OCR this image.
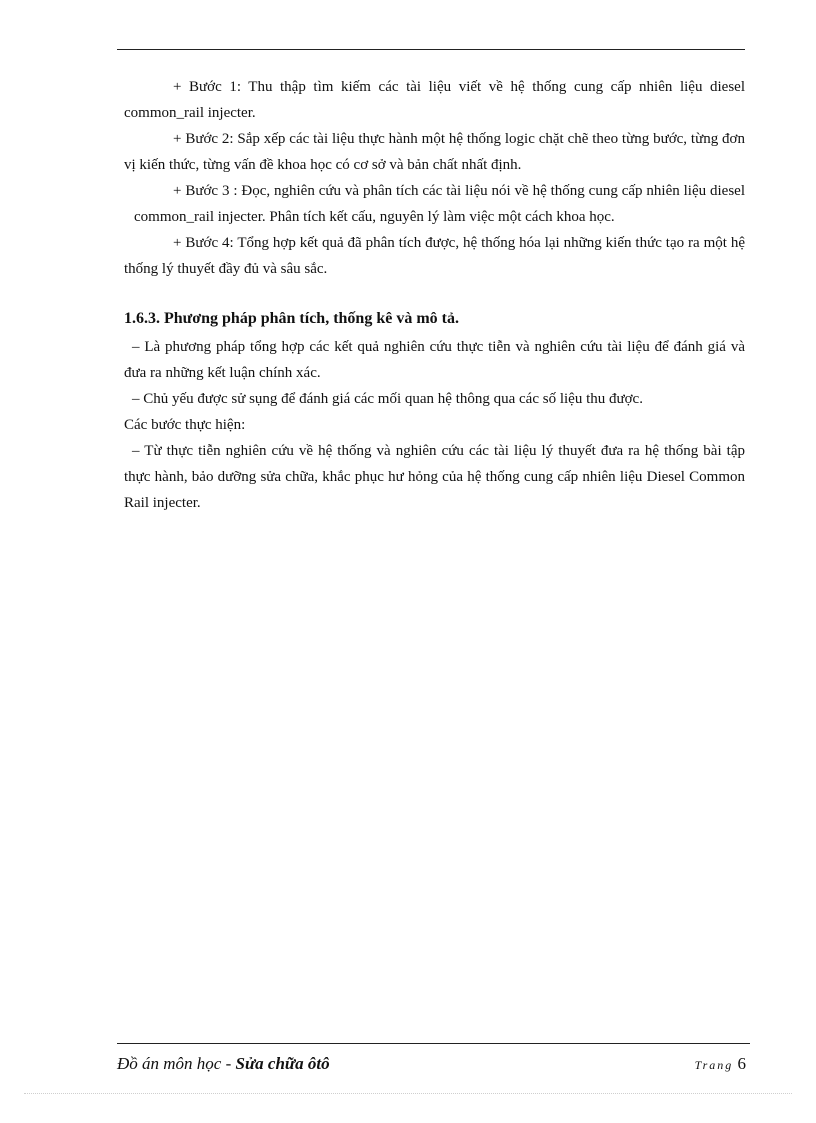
+ Bước 1: Thu thập tìm kiếm các tài liệu viết về hệ thống cung cấp nhiên liệu diesel common_rail injecter.

+ Bước 2: Sắp xếp các tài liệu thực hành một hệ thống logic chặt chẽ theo từng bước, từng đơn vị kiến thức, từng vấn đề khoa học có cơ sở và bản chất nhất định.

+ Bước 3 : Đọc, nghiên cứu và phân tích các tài liệu nói về hệ thống cung cấp nhiên liệu diesel common_rail injecter. Phân tích kết cấu, nguyên lý làm việc một cách khoa học.

+ Bước 4: Tổng hợp kết quả đã phân tích được, hệ thống hóa lại những kiến thức tạo ra một hệ thống lý thuyết đầy đủ và sâu sắc.

1.6.3. Phương pháp phân tích, thống kê và mô tả.

– Là phương pháp tổng hợp các kết quả nghiên cứu thực tiễn và nghiên cứu tài liệu để đánh giá và đưa ra những kết luận chính xác.

– Chủ yếu được sử sụng để đánh giá các mối quan hệ thông qua các số liệu thu được.

Các bước thực hiện:

– Từ thực tiễn nghiên cứu về hệ thống và nghiên cứu các tài liệu lý thuyết đưa ra hệ thống bài tập thực hành, bảo dưỡng sửa chữa, khắc phục hư hỏng của hệ thống cung cấp nhiên liệu Diesel Common Rail injecter.

Đồ án môn học - Sửa chữa ôtô	Trang 6
